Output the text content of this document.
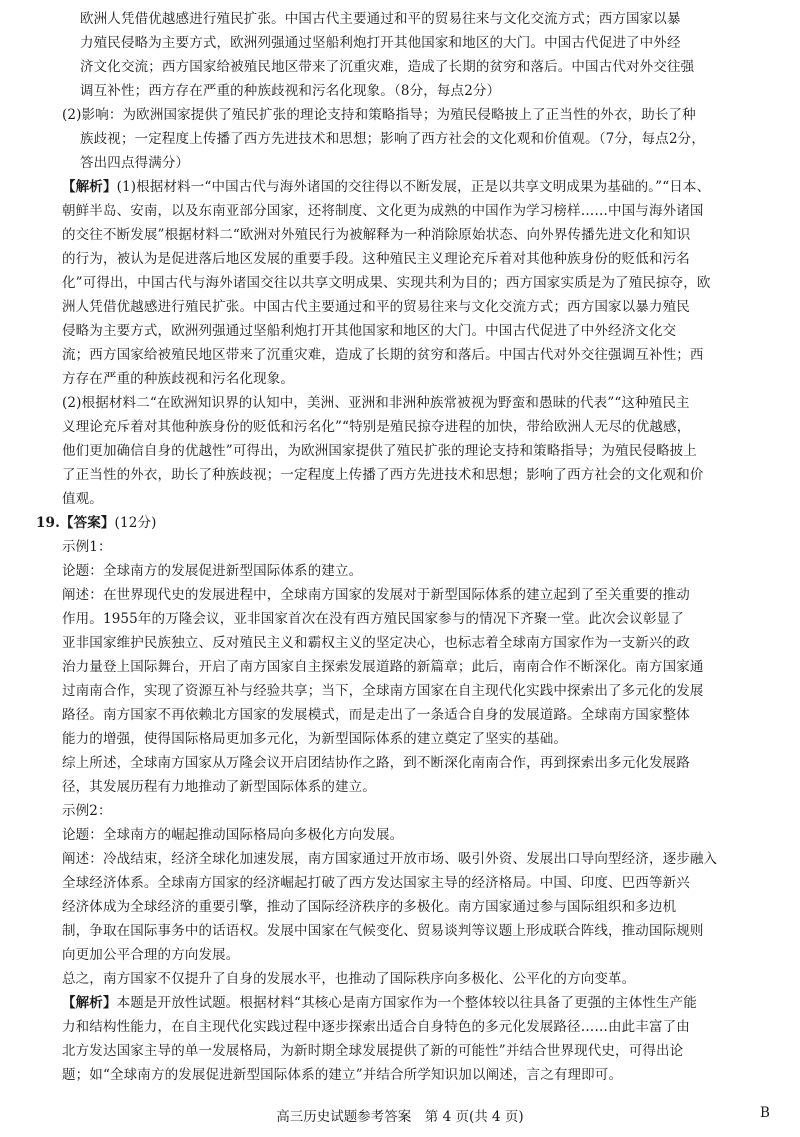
欧洲人凭借优越感进行殖民扩张。中国古代主要通过和平的贸易往来与文化交流方式；西方国家以暴
力殖民侵略为主要方式，欧洲列强通过坚船利炮打开其他国家和地区的大门。中国古代促进了中外经
济文化交流；西方国家给被殖民地区带来了沉重灾难，造成了长期的贫穷和落后。中国古代对外交往强
调互补性；西方存在严重的种族歧视和污名化现象。（8分，每点2分）
(2)影响：为欧洲国家提供了殖民扩张的理论支持和策略指导；为殖民侵略披上了正当性的外衣，助长了种
族歧视；一定程度上传播了西方先进技术和思想；影响了西方社会的文化观和价值观。（7分，每点2分，
答出四点得满分）
【解析】(1)根据材料一“中国古代与海外诸国的交往得以不断发展，正是以共享文明成果为基础的。”“日本、
朝鲜半岛、安南，以及东南亚部分国家，还将制度、文化更为成熟的中国作为学习榜样……中国与海外诸国
的交往不断发展”根据材料二“欧洲对外殖民行为被解释为一种消除原始状态、向外界传播先进文化和知识
的行为，被认为是促进落后地区发展的重要手段。这种殖民主义理论充斥着对其他种族身份的贬低和污名
化”可得出，中国古代与海外诸国交往以共享文明成果、实现共利为目的；西方国家实质是为了殖民掠夺，欧
洲人凭借优越感进行殖民扩张。中国古代主要通过和平的贸易往来与文化交流方式；西方国家以暴力殖民
侵略为主要方式，欧洲列强通过坚船利炮打开其他国家和地区的大门。中国古代促进了中外经济文化交
流；西方国家给被殖民地区带来了沉重灾难，造成了长期的贫穷和落后。中国古代对外交往强调互补性；西
方存在严重的种族歧视和污名化现象。
(2)根据材料二“在欧洲知识界的认知中，美洲、亚洲和非洲种族常被视为野蛮和愚昧的代表”“这种殖民主
义理论充斥着对其他种族身份的贬低和污名化”“特别是殖民掠夺进程的加快，带给欧洲人无尽的优越感，
他们更加确信自身的优越性”可得出，为欧洲国家提供了殖民扩张的理论支持和策略指导；为殖民侵略披上
了正当性的外衣，助长了种族歧视；一定程度上传播了西方先进技术和思想；影响了西方社会的文化观和价
值观。
19.【答案】(12分)
示例1：
论题：全球南方的发展促进新型国际体系的建立。
阐述：在世界现代史的发展进程中，全球南方国家的发展对于新型国际体系的建立起到了至关重要的推动
作用。1955年的万隆会议，亚非国家首次在没有西方殖民国家参与的情况下齐聚一堂。此次会议彰显了
亚非国家维护民族独立、反对殖民主义和霸权主义的坚定决心，也标志着全球南方国家作为一支新兴的政
治力量登上国际舞台，开启了南方国家自主探索发展道路的新篇章；此后，南南合作不断深化。南方国家通
过南南合作，实现了资源互补与经验共享；当下，全球南方国家在自主现代化实践中探索出了多元化的发展
路径。南方国家不再依赖北方国家的发展模式，而是走出了一条适合自身的发展道路。全球南方国家整体
能力的增强，使得国际格局更加多元化，为新型国际体系的建立奠定了坚实的基础。
综上所述，全球南方国家从万隆会议开启团结协作之路，到不断深化南南合作，再到探索出多元化发展路
径，其发展历程有力地推动了新型国际体系的建立。
示例2：
论题：全球南方的崛起推动国际格局向多极化方向发展。
阐述：冷战结束，经济全球化加速发展，南方国家通过开放市场、吸引外资、发展出口导向型经济，逐步融入
全球经济体系。全球南方国家的经济崛起打破了西方发达国家主导的经济格局。中国、印度、巴西等新兴
经济体成为全球经济的重要引擎，推动了国际经济秩序的多极化。南方国家通过参与国际组织和多边机
制，争取在国际事务中的话语权。发展中国家在气候变化、贸易谈判等议题上形成联合阵线，推动国际规则
向更加公平合理的方向发展。
总之，南方国家不仅提升了自身的发展水平，也推动了国际秩序向多极化、公平化的方向变革。
【解析】本题是开放性试题。根据材料“其核心是南方国家作为一个整体较以往具备了更强的主体性生产能
力和结构性能力，在自主现代化实践过程中逐步探索出适合自身特色的多元化发展路径……由此丰富了由
北方发达国家主导的单一发展格局，为新时期全球发展提供了新的可能性”并结合世界现代史，可得出论
题；如“全球南方的发展促进新型国际体系的建立”并结合所学知识加以阐述，言之有理即可。
高三历史试题参考答案　第 4 页(共 4 页)	B
